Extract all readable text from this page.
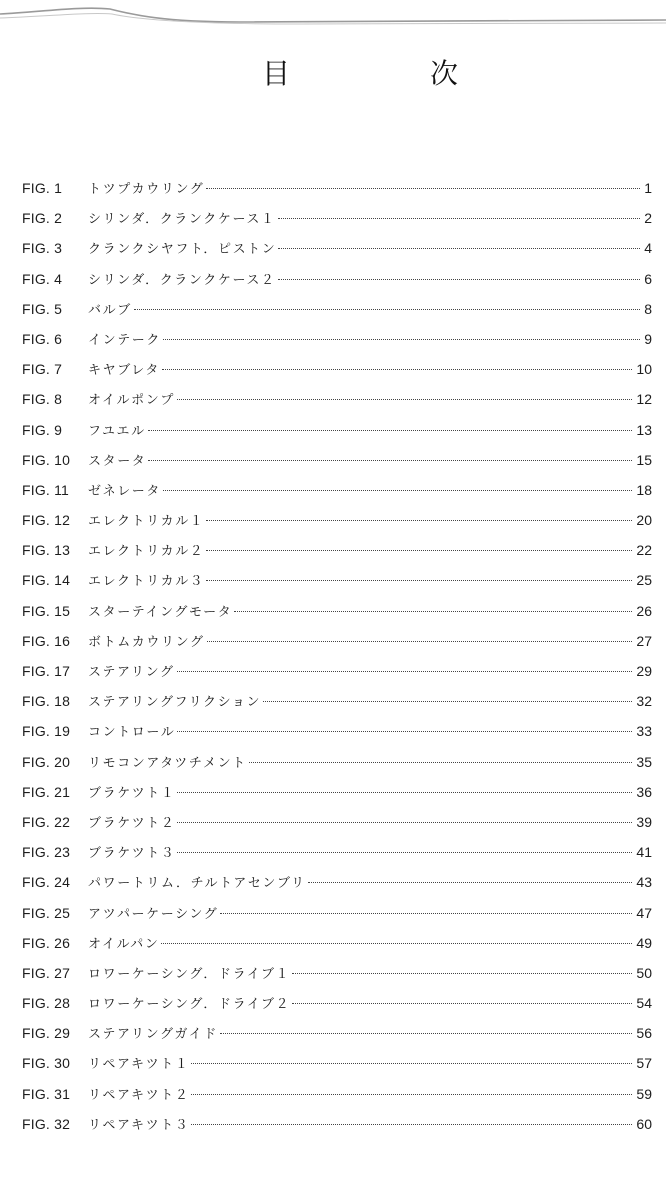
目	次
FIG. 1	トツプカウリング	1
FIG. 2	シリンダ．クランクケース１	2
FIG. 3	クランクシヤフト．ピストン	4
FIG. 4	シリンダ．クランクケース２	6
FIG. 5	バルブ	8
FIG. 6	インテーク	9
FIG. 7	キヤブレタ	10
FIG. 8	オイルポンプ	12
FIG. 9	フユエル	13
FIG. 10	スタータ	15
FIG. 11	ゼネレータ	18
FIG. 12	エレクトリカル１	20
FIG. 13	エレクトリカル２	22
FIG. 14	エレクトリカル３	25
FIG. 15	スターテイングモータ	26
FIG. 16	ボトムカウリング	27
FIG. 17	ステアリング	29
FIG. 18	ステアリングフリクション	32
FIG. 19	コントロール	33
FIG. 20	リモコンアタツチメント	35
FIG. 21	ブラケツト１	36
FIG. 22	ブラケツト２	39
FIG. 23	ブラケツト３	41
FIG. 24	パワートリム．チルトアセンブリ	43
FIG. 25	アツパーケーシング	47
FIG. 26	オイルパン	49
FIG. 27	ロワーケーシング．ドライブ１	50
FIG. 28	ロワーケーシング．ドライブ２	54
FIG. 29	ステアリングガイド	56
FIG. 30	リペアキツト１	57
FIG. 31	リペアキツト２	59
FIG. 32	リペアキツト３	60
